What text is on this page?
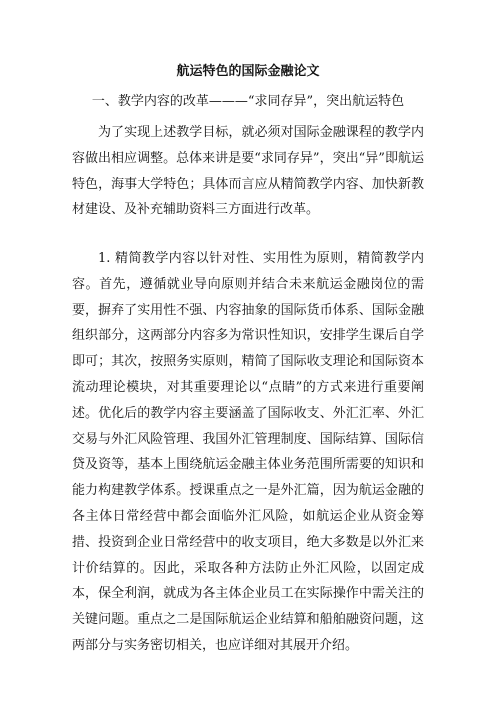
航运特色的国际金融论文

一、教学内容的改革———“求同存异”，突出航运特色

为了实现上述教学目标，就必须对国际金融课程的教学内容做出相应调整。总体来讲是要“求同存异”，突出“异”即航运特色，海事大学特色；具体而言应从精简教学内容、加快新教材建设、及补充辅助资料三方面进行改革。

1. 精简教学内容以针对性、实用性为原则，精简教学内容。首先，遵循就业导向原则并结合未来航运金融岗位的需要，摒弃了实用性不强、内容抽象的国际货币体系、国际金融组织部分，这两部分内容多为常识性知识，安排学生课后自学即可；其次，按照务实原则，精简了国际收支理论和国际资本流动理论模块，对其重要理论以“点睛”的方式来进行重要阐述。优化后的教学内容主要涵盖了国际收支、外汇汇率、外汇交易与外汇风险管理、我国外汇管理制度、国际结算、国际信贷及资等，基本上围绕航运金融主体业务范围所需要的知识和能力构建教学体系。授课重点之一是外汇篇，因为航运金融的各主体日常经营中都会面临外汇风险，如航运企业从资金筹措、投资到企业日常经营中的收支项目，绝大多数是以外汇来计价结算的。因此，采取各种方法防止外汇风险，以固定成本，保全利润，就成为各主体企业员工在实际操作中需关注的关键问题。重点之二是国际航运企业结算和船舶融资问题，这两部分与实务密切相关，也应详细对其展开介绍。
